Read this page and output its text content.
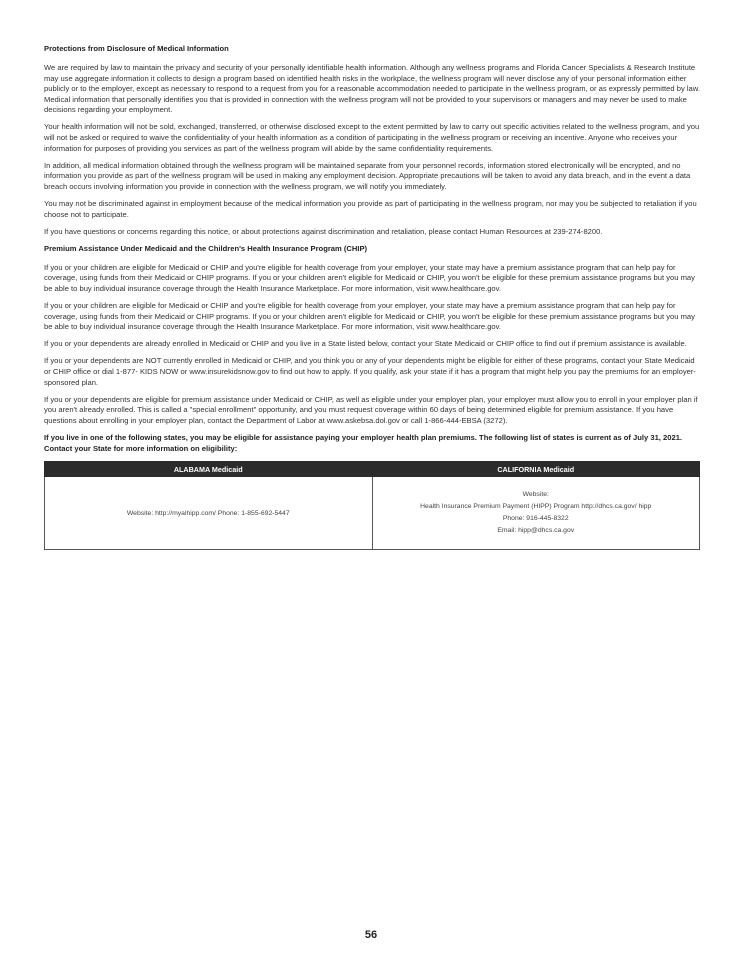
Protections from Disclosure of Medical Information

We are required by law to maintain the privacy and security of your personally identifiable health information. Although any wellness programs and Florida Cancer Specialists & Research Institute may use aggregate information it collects to design a program based on identified health risks in the workplace, the wellness program will never disclose any of your personal information either publicly or to the employer, except as necessary to respond to a request from you for a reasonable accommodation needed to participate in the wellness program, or as expressly permitted by law. Medical information that personally identifies you that is provided in connection with the wellness program will not be provided to your supervisors or managers and may never be used to make decisions regarding your employment.

Your health information will not be sold, exchanged, transferred, or otherwise disclosed except to the extent permitted by law to carry out specific activities related to the wellness program, and you will not be asked or required to waive the confidentiality of your health information as a condition of participating in the wellness program or receiving an incentive. Anyone who receives your information for purposes of providing you services as part of the wellness program will abide by the same confidentiality requirements.

In addition, all medical information obtained through the wellness program will be maintained separate from your personnel records, information stored electronically will be encrypted, and no information you provide as part of the wellness program will be used in making any employment decision. Appropriate precautions will be taken to avoid any data breach, and in the event a data breach occurs involving information you provide in connection with the wellness program, we will notify you immediately.

You may not be discriminated against in employment because of the medical information you provide as part of participating in the wellness program, nor may you be subjected to retaliation if you choose not to participate.

If you have questions or concerns regarding this notice, or about protections against discrimination and retaliation, please contact Human Resources at 239-274-8200.

Premium Assistance Under Medicaid and the Children's Health Insurance Program (CHIP)

If you or your children are eligible for Medicaid or CHIP and you're eligible for health coverage from your employer, your state may have a premium assistance program that can help pay for coverage, using funds from their Medicaid or CHIP programs. If you or your children aren't eligible for Medicaid or CHIP, you won't be eligible for these premium assistance programs but you may be able to buy individual insurance coverage through the Health Insurance Marketplace. For more information, visit www.healthcare.gov.

If you or your children are eligible for Medicaid or CHIP and you're eligible for health coverage from your employer, your state may have a premium assistance program that can help pay for coverage, using funds from their Medicaid or CHIP programs. If you or your children aren't eligible for Medicaid or CHIP, you won't be eligible for these premium assistance programs but you may be able to buy individual insurance coverage through the Health Insurance Marketplace. For more information, visit www.healthcare.gov.

If you or your dependents are already enrolled in Medicaid or CHIP and you live in a State listed below, contact your State Medicaid or CHIP office to find out if premium assistance is available.

If you or your dependents are NOT currently enrolled in Medicaid or CHIP, and you think you or any of your dependents might be eligible for either of these programs, contact your State Medicaid or CHIP office or dial 1-877- KIDS NOW or www.insurekidsnow.gov to find out how to apply. If you qualify, ask your state if it has a program that might help you pay the premiums for an employer-sponsored plan.

If you or your dependents are eligible for premium assistance under Medicaid or CHIP, as well as eligible under your employer plan, your employer must allow you to enroll in your employer plan if you aren't already enrolled. This is called a "special enrollment" opportunity, and you must request coverage within 60 days of being determined eligible for premium assistance. If you have questions about enrolling in your employer plan, contact the Department of Labor at www.askebsa.dol.gov or call 1-866-444-EBSA (3272).

If you live in one of the following states, you may be eligible for assistance paying your employer health plan premiums. The following list of states is current as of July 31, 2021. Contact your State for more information on eligibility:

ALABAMA Medicaid	CALIFORNIA Medicaid
Website: http://myalhipp.com/ Phone: 1-855-692-5447	Website:
Health Insurance Premium Payment (HIPP) Program http://dhcs.ca.gov/ hipp
Phone: 916-445-8322
Email: hipp@dhcs.ca.gov
56
